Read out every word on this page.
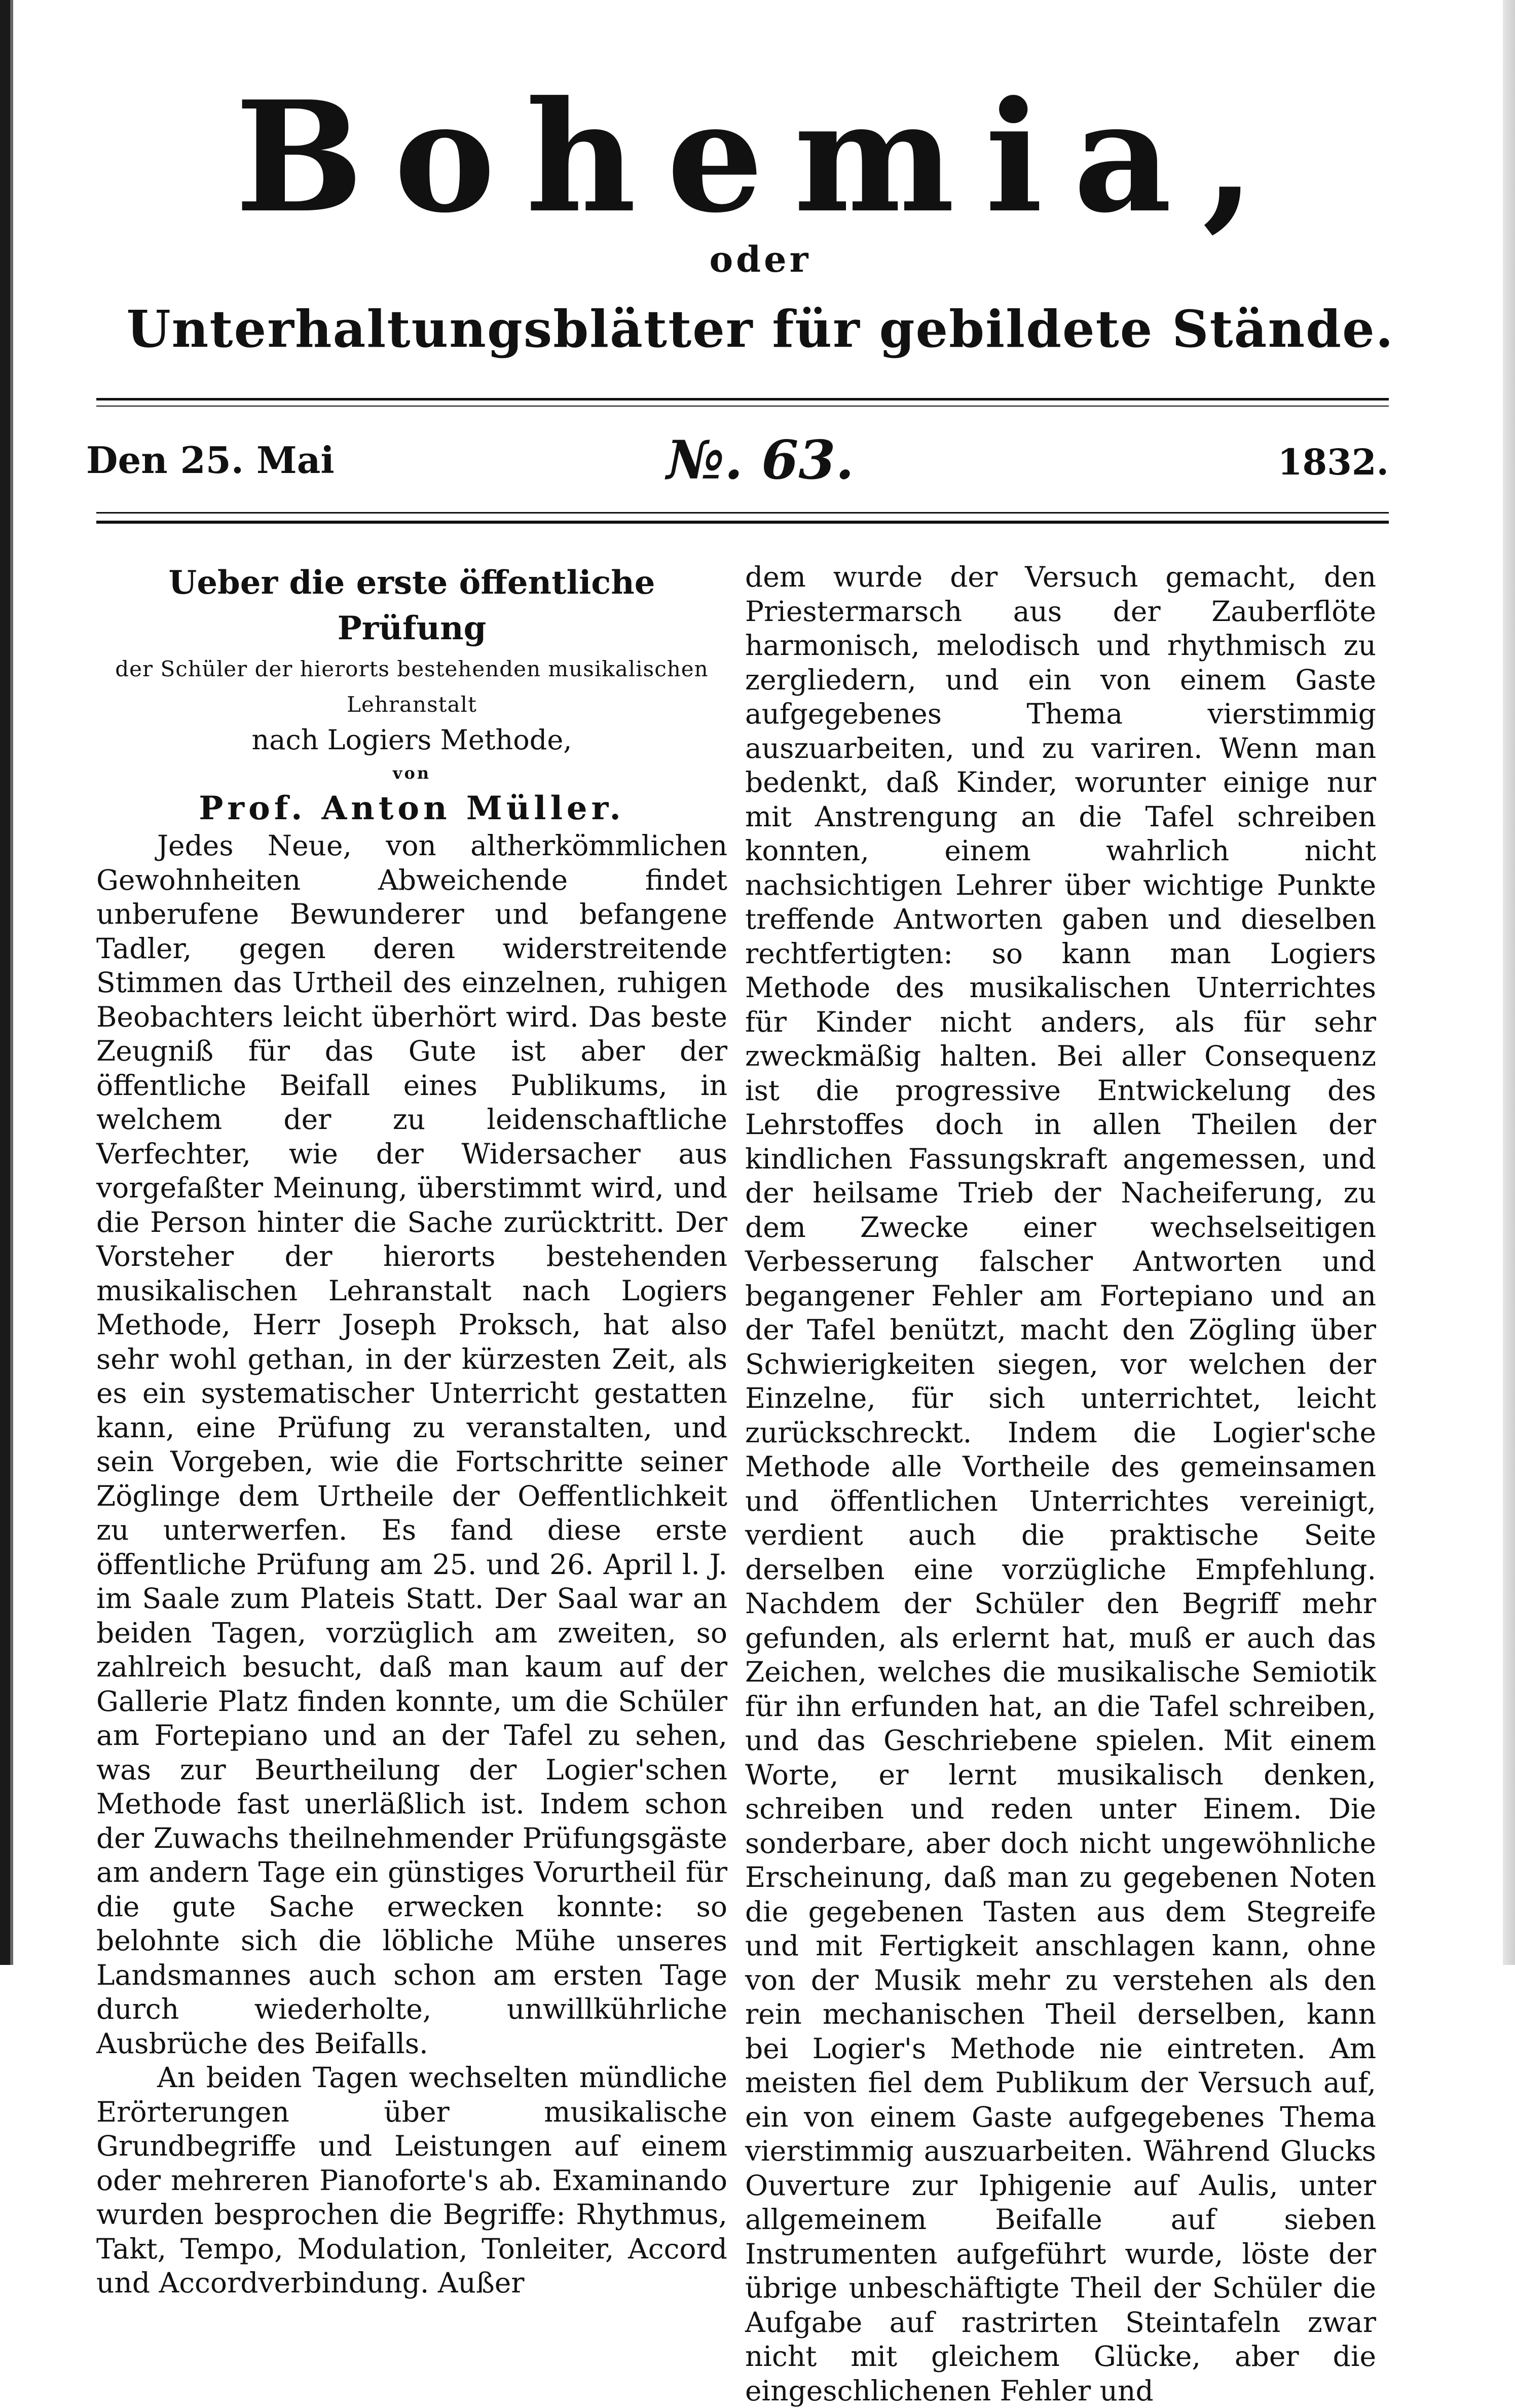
Bohemia,
oder
Unterhaltungsblätter für gebildete Stände.
Den 25. Mai	№. 63.	1832.

Ueber die erste öffentliche Prüfung

der Schüler der hierorts bestehenden musikalischen Lehranstalt

nach Logiers Methode,

von

Prof. Anton Müller.

Jedes Neue, von altherkömmlichen Gewohnheiten Abweichende findet unberufene Bewunderer und befangene Tadler, gegen deren widerstreitende Stimmen das Urtheil des einzelnen, ruhigen Beobachters leicht überhört wird. Das beste Zeugniß für das Gute ist aber der öffentliche Beifall eines Publikums, in welchem der zu leidenschaftliche Verfechter, wie der Widersacher aus vorgefaßter Meinung, überstimmt wird, und die Person hinter die Sache zurücktritt. Der Vorsteher der hierorts bestehenden musikalischen Lehranstalt nach Logiers Methode, Herr Joseph Proksch, hat also sehr wohl gethan, in der kürzesten Zeit, als es ein systematischer Unterricht gestatten kann, eine Prüfung zu veranstalten, und sein Vorgeben, wie die Fortschritte seiner Zöglinge dem Urtheile der Oeffentlichkeit zu unterwerfen. Es fand diese erste öffentliche Prüfung am 25. und 26. April l. J. im Saale zum Plateis Statt. Der Saal war an beiden Tagen, vorzüglich am zweiten, so zahlreich besucht, daß man kaum auf der Gallerie Platz finden konnte, um die Schüler am Fortepiano und an der Tafel zu sehen, was zur Beurtheilung der Logier'schen Methode fast unerläßlich ist. Indem schon der Zuwachs theilnehmender Prüfungsgäste am andern Tage ein günstiges Vorurtheil für die gute Sache erwecken konnte: so belohnte sich die löbliche Mühe unseres Landsmannes auch schon am ersten Tage durch wiederholte, unwillkührliche Ausbrüche des Beifalls.

An beiden Tagen wechselten mündliche Erörterungen über musikalische Grundbegriffe und Leistungen auf einem oder mehreren Pianoforte's ab. Examinando wurden besprochen die Begriffe: Rhythmus, Takt, Tempo, Modulation, Tonleiter, Accord und Accordverbindung. Außer

dem wurde der Versuch gemacht, den Priestermarsch aus der Zauberflöte harmonisch, melodisch und rhythmisch zu zergliedern, und ein von einem Gaste aufgegebenes Thema vierstimmig auszuarbeiten, und zu variren. Wenn man bedenkt, daß Kinder, worunter einige nur mit Anstrengung an die Tafel schreiben konnten, einem wahrlich nicht nachsichtigen Lehrer über wichtige Punkte treffende Antworten gaben und dieselben rechtfertigten: so kann man Logiers Methode des musikalischen Unterrichtes für Kinder nicht anders, als für sehr zweckmäßig halten. Bei aller Consequenz ist die progressive Entwickelung des Lehrstoffes doch in allen Theilen der kindlichen Fassungskraft angemessen, und der heilsame Trieb der Nacheiferung, zu dem Zwecke einer wechselseitigen Verbesserung falscher Antworten und begangener Fehler am Fortepiano und an der Tafel benützt, macht den Zögling über Schwierigkeiten siegen, vor welchen der Einzelne, für sich unterrichtet, leicht zurückschreckt. Indem die Logier'sche Methode alle Vortheile des gemeinsamen und öffentlichen Unterrichtes vereinigt, verdient auch die praktische Seite derselben eine vorzügliche Empfehlung. Nachdem der Schüler den Begriff mehr gefunden, als erlernt hat, muß er auch das Zeichen, welches die musikalische Semiotik für ihn erfunden hat, an die Tafel schreiben, und das Geschriebene spielen. Mit einem Worte, er lernt musikalisch denken, schreiben und reden unter Einem. Die sonderbare, aber doch nicht ungewöhnliche Erscheinung, daß man zu gegebenen Noten die gegebenen Tasten aus dem Stegreife und mit Fertigkeit anschlagen kann, ohne von der Musik mehr zu verstehen als den rein mechanischen Theil derselben, kann bei Logier's Methode nie eintreten. Am meisten fiel dem Publikum der Versuch auf, ein von einem Gaste aufgegebenes Thema vierstimmig auszuarbeiten. Während Glucks Ouverture zur Iphigenie auf Aulis, unter allgemeinem Beifalle auf sieben Instrumenten aufgeführt wurde, löste der übrige unbeschäftigte Theil der Schüler die Aufgabe auf rastrirten Steintafeln zwar nicht mit gleichem Glücke, aber die eingeschlichenen Fehler und
